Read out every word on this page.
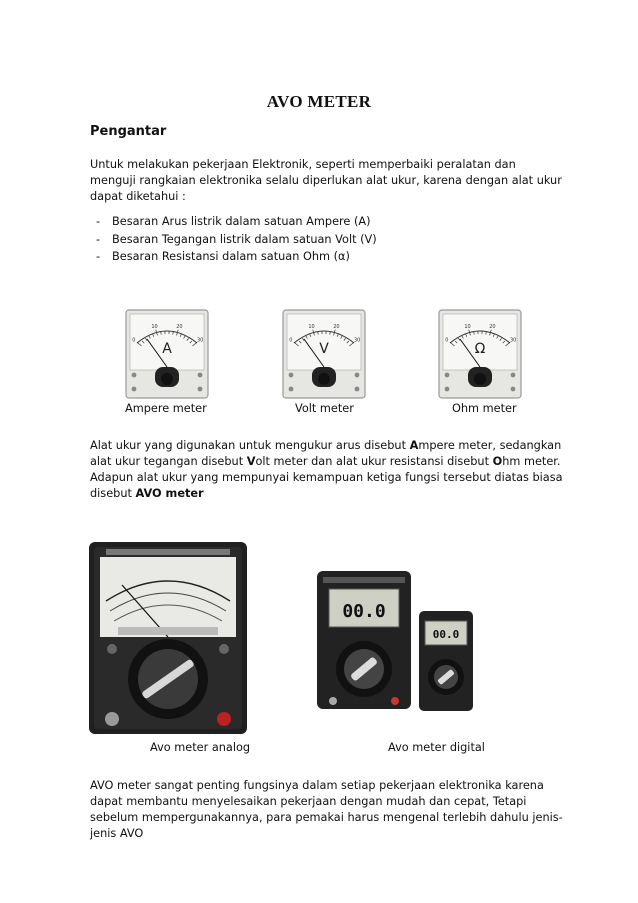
AVO METER
Pengantar

Untuk melakukan pekerjaan Elektronik, seperti memperbaiki peralatan dan menguji rangkaian elektronika selalu diperlukan alat ukur, karena dengan alat ukur dapat diketahui :

- Besaran Arus listrik dalam satuan Ampere (A)
- Besaran Tegangan listrik dalam satuan Volt (V)
- Besaran Resistansi dalam satuan Ohm (α)
0
10	20
30
A
0
10	20
30
V
0
10	20
30
Ω
Ampere meter	Volt meter	Ohm meter

Alat ukur yang digunakan untuk mengukur arus disebut Ampere meter, sedangkan alat ukur tegangan disebut Volt meter dan alat ukur resistansi disebut Ohm meter. Adapun alat ukur yang mempunyai kemampuan ketiga fungsi tersebut diatas biasa disebut AVO meter

00.0
00.0
Avo meter analog	Avo meter digital

AVO meter sangat penting fungsinya dalam setiap pekerjaan elektronika karena dapat membantu menyelesaikan pekerjaan dengan mudah dan cepat, Tetapi sebelum mempergunakannya, para pemakai harus mengenal terlebih dahulu jenis-jenis AVO
